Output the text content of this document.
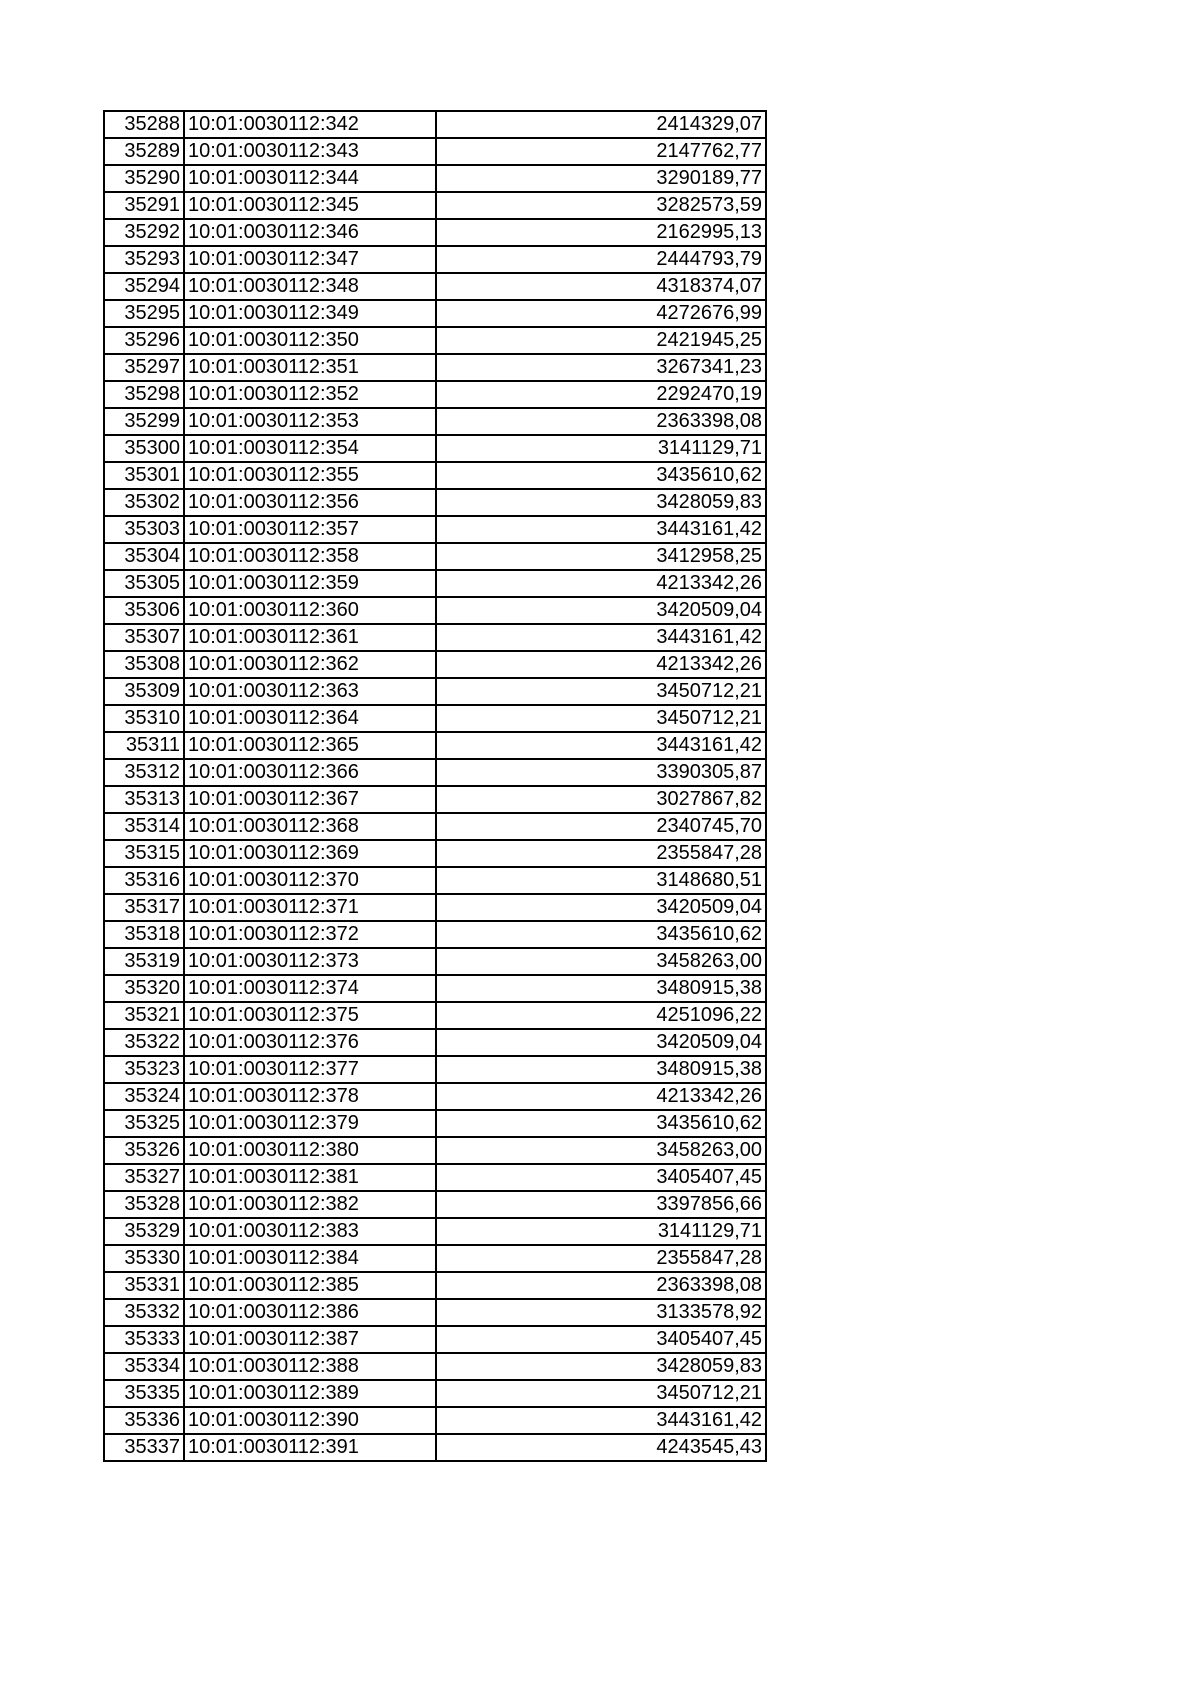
35288	10:01:0030112:342	2414329,07
35289	10:01:0030112:343	2147762,77
35290	10:01:0030112:344	3290189,77
35291	10:01:0030112:345	3282573,59
35292	10:01:0030112:346	2162995,13
35293	10:01:0030112:347	2444793,79
35294	10:01:0030112:348	4318374,07
35295	10:01:0030112:349	4272676,99
35296	10:01:0030112:350	2421945,25
35297	10:01:0030112:351	3267341,23
35298	10:01:0030112:352	2292470,19
35299	10:01:0030112:353	2363398,08
35300	10:01:0030112:354	3141129,71
35301	10:01:0030112:355	3435610,62
35302	10:01:0030112:356	3428059,83
35303	10:01:0030112:357	3443161,42
35304	10:01:0030112:358	3412958,25
35305	10:01:0030112:359	4213342,26
35306	10:01:0030112:360	3420509,04
35307	10:01:0030112:361	3443161,42
35308	10:01:0030112:362	4213342,26
35309	10:01:0030112:363	3450712,21
35310	10:01:0030112:364	3450712,21
35311	10:01:0030112:365	3443161,42
35312	10:01:0030112:366	3390305,87
35313	10:01:0030112:367	3027867,82
35314	10:01:0030112:368	2340745,70
35315	10:01:0030112:369	2355847,28
35316	10:01:0030112:370	3148680,51
35317	10:01:0030112:371	3420509,04
35318	10:01:0030112:372	3435610,62
35319	10:01:0030112:373	3458263,00
35320	10:01:0030112:374	3480915,38
35321	10:01:0030112:375	4251096,22
35322	10:01:0030112:376	3420509,04
35323	10:01:0030112:377	3480915,38
35324	10:01:0030112:378	4213342,26
35325	10:01:0030112:379	3435610,62
35326	10:01:0030112:380	3458263,00
35327	10:01:0030112:381	3405407,45
35328	10:01:0030112:382	3397856,66
35329	10:01:0030112:383	3141129,71
35330	10:01:0030112:384	2355847,28
35331	10:01:0030112:385	2363398,08
35332	10:01:0030112:386	3133578,92
35333	10:01:0030112:387	3405407,45
35334	10:01:0030112:388	3428059,83
35335	10:01:0030112:389	3450712,21
35336	10:01:0030112:390	3443161,42
35337	10:01:0030112:391	4243545,43
